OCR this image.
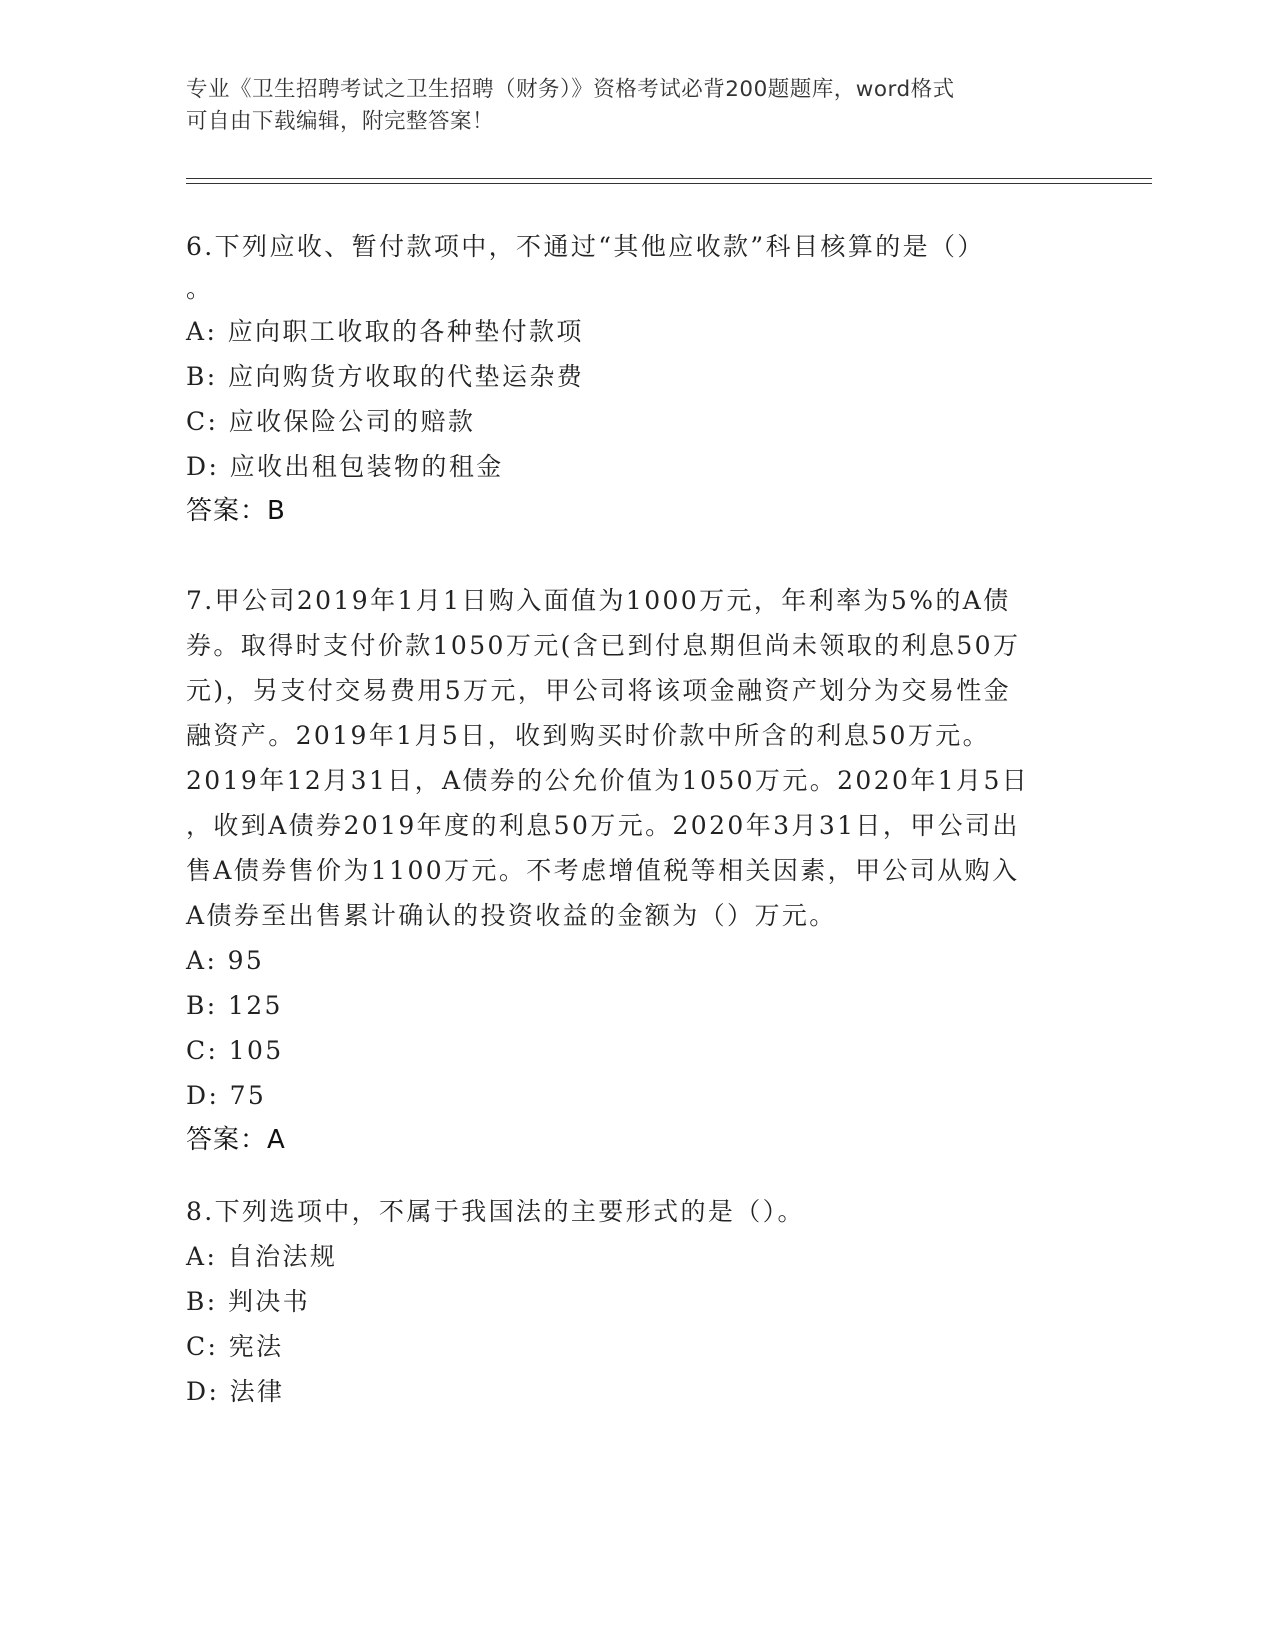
专业《卫生招聘考试之卫生招聘（财务）》资格考试必背200题题库，word格式
可自由下载编辑，附完整答案！
6.下列应收、暂付款项中，不通过“其他应收款”科目核算的是（）
。
A: 应向职工收取的各种垫付款项
B: 应向购货方收取的代垫运杂费
C: 应收保险公司的赔款
D: 应收出租包装物的租金
答案：B
7.甲公司2019年1月1日购入面值为1000万元，年利率为5%的A债
券。取得时支付价款1050万元(含已到付息期但尚未领取的利息50万
元)，另支付交易费用5万元，甲公司将该项金融资产划分为交易性金
融资产。2019年1月5日，收到购买时价款中所含的利息50万元。
2019年12月31日，A债券的公允价值为1050万元。2020年1月5日
，收到A债券2019年度的利息50万元。2020年3月31日，甲公司出
售A债券售价为1100万元。不考虑增值税等相关因素，甲公司从购入
A债券至出售累计确认的投资收益的金额为（）万元。
A: 95
B: 125
C: 105
D: 75
答案：A
8.下列选项中，不属于我国法的主要形式的是（）。
A: 自治法规
B: 判决书
C: 宪法
D: 法律
